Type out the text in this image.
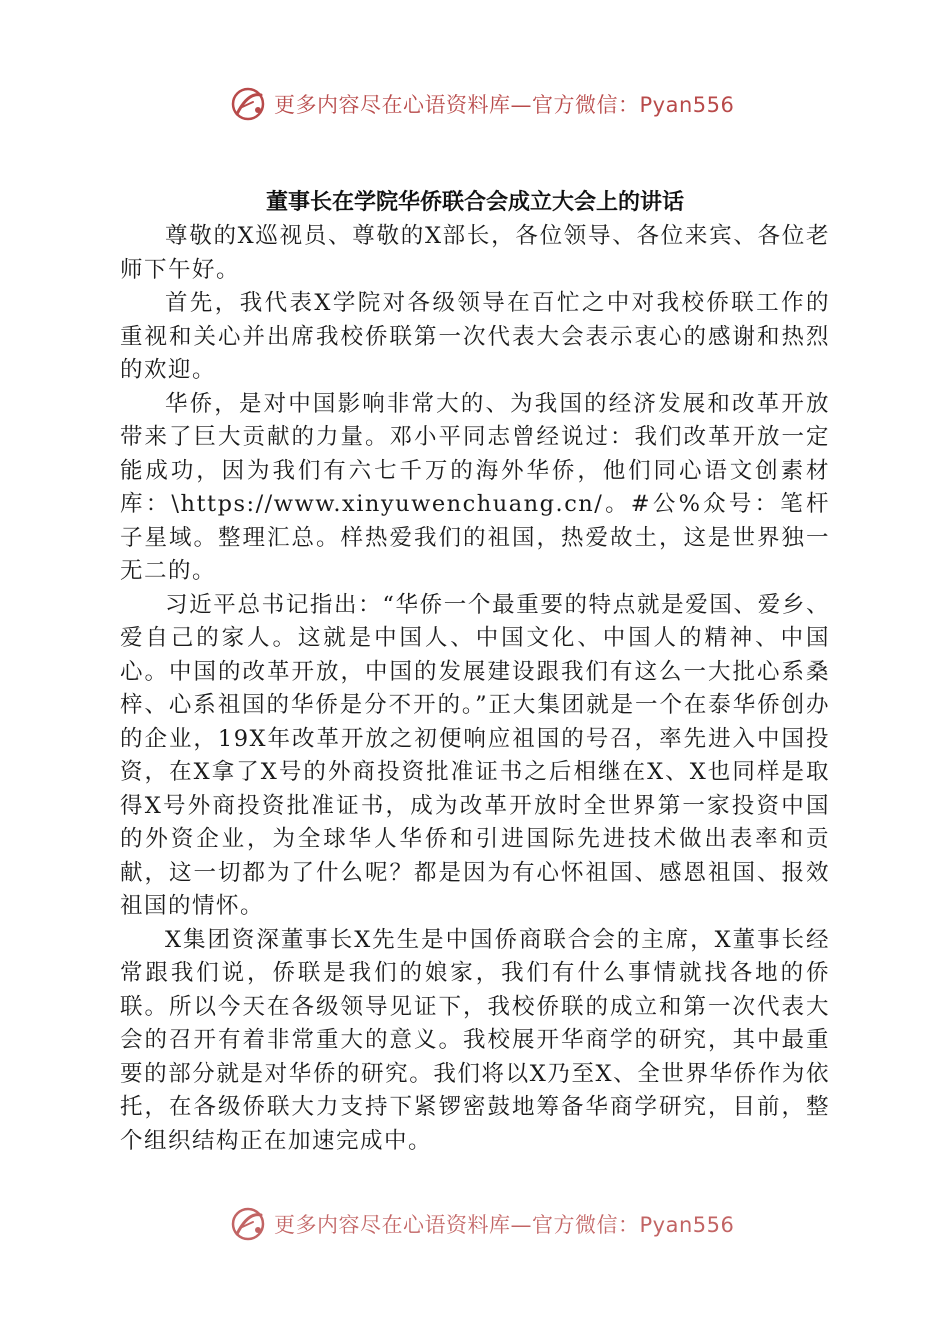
更多内容尽在心语资料库—官方微信：Pyan556
董事长在学院华侨联合会成立大会上的讲话

尊敬的X巡视员、尊敬的X部长，各位领导、各位来宾、各位老师下午好。

首先，我代表X学院对各级领导在百忙之中对我校侨联工作的重视和关心并出席我校侨联第一次代表大会表示衷心的感谢和热烈的欢迎。

华侨，是对中国影响非常大的、为我国的经济发展和改革开放带来了巨大贡献的力量。邓小平同志曾经说过：我们改革开放一定能成功，因为我们有六七千万的海外华侨，他们同心语文创素材库：\https://www.xinyuwenchuang.cn/。#公%众号：笔杆子星域。整理汇总。样热爱我们的祖国，热爱故土，这是世界独一无二的。

习近平总书记指出：“华侨一个最重要的特点就是爱国、爱乡、爱自己的家人。这就是中国人、中国文化、中国人的精神、中国心。中国的改革开放，中国的发展建设跟我们有这么一大批心系桑梓、心系祖国的华侨是分不开的。”正大集团就是一个在泰华侨创办的企业，19X年改革开放之初便响应祖国的号召，率先进入中国投资，在X拿了X号的外商投资批准证书之后相继在X、X也同样是取得X号外商投资批准证书，成为改革开放时全世界第一家投资中国的外资企业，为全球华人华侨和引进国际先进技术做出表率和贡献，这一切都为了什么呢？都是因为有心怀祖国、感恩祖国、报效祖国的情怀。

X集团资深董事长X先生是中国侨商联合会的主席，X董事长经常跟我们说，侨联是我们的娘家，我们有什么事情就找各地的侨联。所以今天在各级领导见证下，我校侨联的成立和第一次代表大会的召开有着非常重大的意义。我校展开华商学的研究，其中最重要的部分就是对华侨的研究。我们将以X乃至X、全世界华侨作为依托，在各级侨联大力支持下紧锣密鼓地筹备华商学研究，目前，整个组织结构正在加速完成中。

更多内容尽在心语资料库—官方微信：Pyan556
